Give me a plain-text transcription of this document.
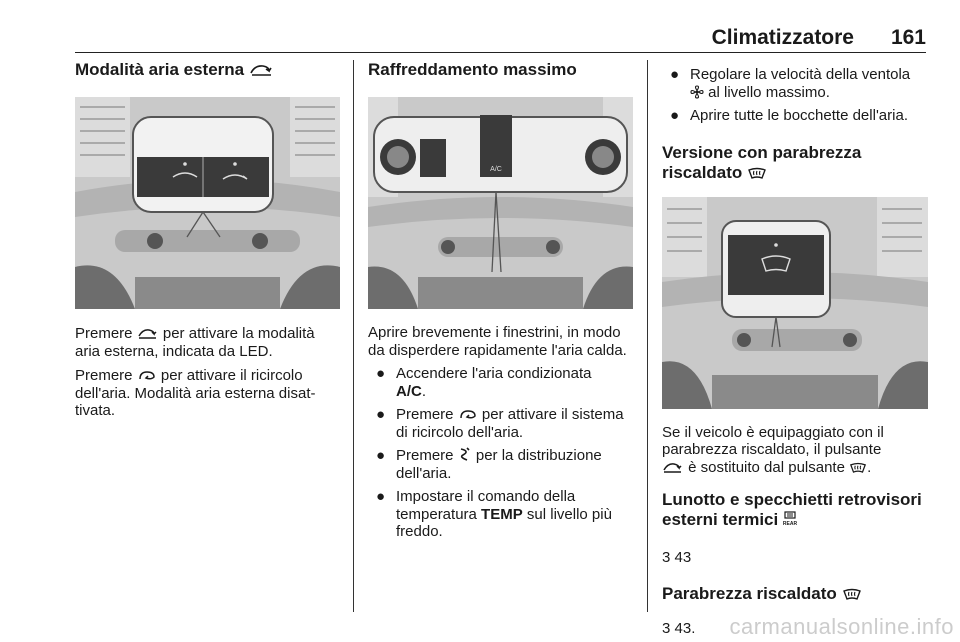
Climatizzatore 161
Modalità aria esterna

Premere per attivare la modalità aria esterna, indicata da LED.

Premere per attivare il ricircolo dell'aria. Modalità aria esterna disat-tivata.

Raffreddamento massimo
A/C

Aprire brevemente i finestrini, in modo da disperdere rapidamente l'aria calda.

● Accendere l'aria condizionata
A/C.
● Premere per attivare il sistema di ricircolo dell'aria.
● Premere per la distribuzione dell'aria.
● Impostare il comando della temperatura TEMP sul livello più freddo.
● Regolare la velocità della ventola
al livello massimo.
● Aprire tutte le bocchette dell'aria.
Versione con parabrezza riscaldato

Se il veicolo è equipaggiato con il parabrezza riscaldato, il pulsante
è sostituito dal pulsante .

Lunotto e specchietti retrovisori esterni termici REAR

3 43

Parabrezza riscaldato

3 43.	carmanualsonline.info
